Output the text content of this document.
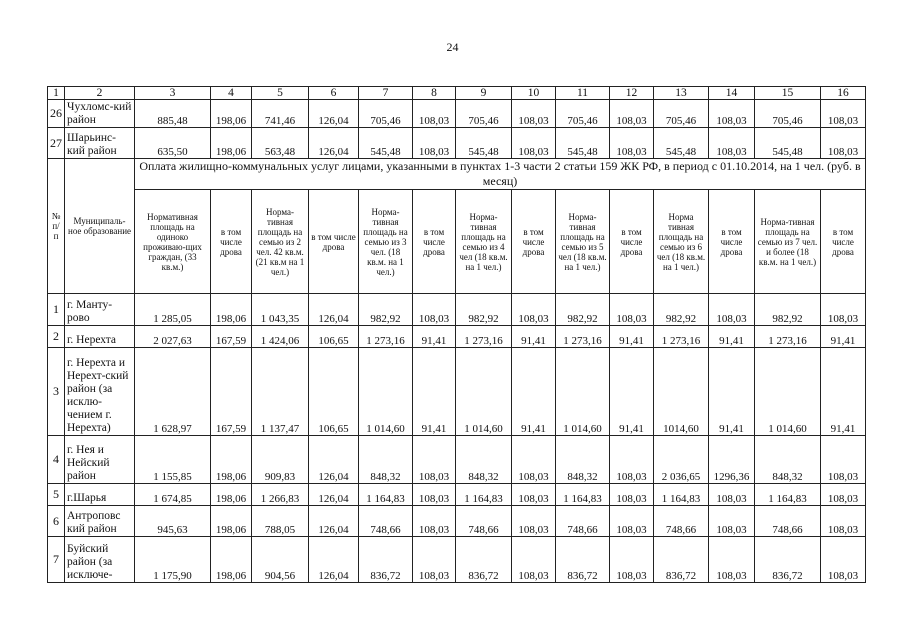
24
1	2	3	4	5	6	7	8	9	10	11	12	13	14	15	16
26	Чухломс-кий район	885,48	198,06	741,46	126,04	705,46	108,03	705,46	108,03	705,46	108,03	705,46	108,03	705,46	108,03
27	Шарьинс-кий район	635,50	198,06	563,48	126,04	545,48	108,03	545,48	108,03	545,48	108,03	545,48	108,03	545,48	108,03
№ п/п	Муниципаль-ное образование	Оплата жилищно-коммунальных услуг лицами, указанными в пунктах 1-3 части 2 статьи 159 ЖК РФ, в период с 01.10.2014, на 1 чел. (руб. в месяц)													
		Нормативная площадь на одиноко проживаю-щих граждан, (33 кв.м.)	в том числе дрова	Норма-тивная площадь на семью из 2 чел. 42 кв.м. (21 кв.м на 1 чел.)	в том числе дрова	Норма-тивная площадь на семью из 3 чел. (18 кв.м. на 1 чел.)	в том числе дрова	Норма-тивная площадь на семью из 4 чел (18 кв.м. на 1 чел.)	в том числе дрова	Норма-тивная площадь на семью из 5 чел (18 кв.м. на 1 чел.)	в том числе дрова	Норма тивная площадь на семью из 6 чел (18 кв.м. на 1 чел.)	в том числе дрова	Норма-тивная площадь на семью из 7 чел. и более (18 кв.м. на 1 чел.)	в том числе дрова
1	г. Манту-рово	1 285,05	198,06	1 043,35	126,04	982,92	108,03	982,92	108,03	982,92	108,03	982,92	108,03	982,92	108,03
2	г. Нерехта	2 027,63	167,59	1 424,06	106,65	1 273,16	91,41	1 273,16	91,41	1 273,16	91,41	1 273,16	91,41	1 273,16	91,41
3	г. Нерехта и Нерехт-ский район (за исклю-чением г. Нерехта)	1 628,97	167,59	1 137,47	106,65	1 014,60	91,41	1 014,60	91,41	1 014,60	91,41	1014,60	91,41	1 014,60	91,41
4	г. Нея и Нейский район	1 155,85	198,06	909,83	126,04	848,32	108,03	848,32	108,03	848,32	108,03	2 036,65	1296,36	848,32	108,03
5	г.Шарья	1 674,85	198,06	1 266,83	126,04	1 164,83	108,03	1 164,83	108,03	1 164,83	108,03	1 164,83	108,03	1 164,83	108,03
6	Антроповс кий район	945,63	198,06	788,05	126,04	748,66	108,03	748,66	108,03	748,66	108,03	748,66	108,03	748,66	108,03
7	Буйский район (за исключе-	1 175,90	198,06	904,56	126,04	836,72	108,03	836,72	108,03	836,72	108,03	836,72	108,03	836,72	108,03
